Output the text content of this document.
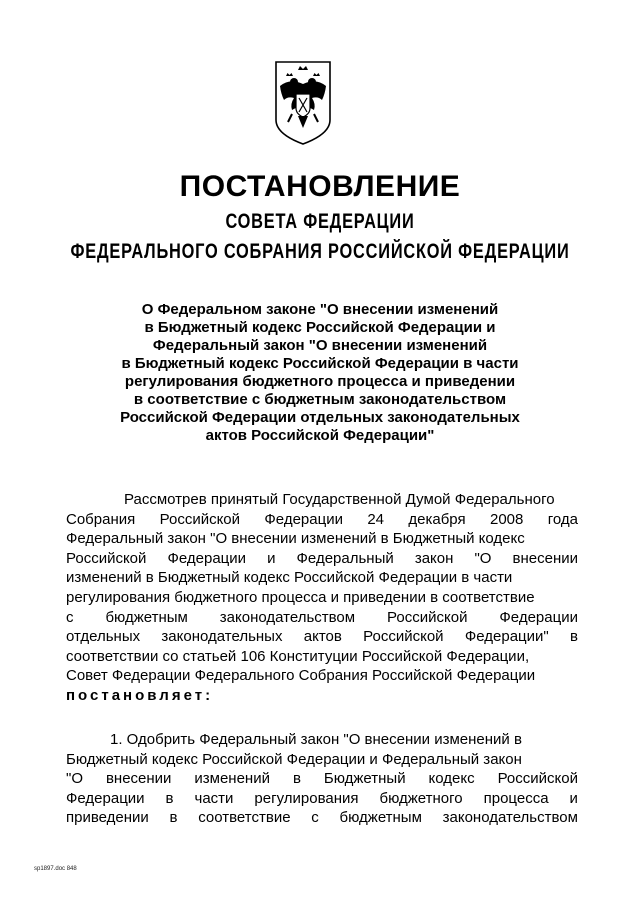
ПОСТАНОВЛЕНИЕ
СОВЕТА ФЕДЕРАЦИИ
ФЕДЕРАЛЬНОГО СОБРАНИЯ РОССИЙСКОЙ ФЕДЕРАЦИИ
О Федеральном законе "О внесении изменений
в Бюджетный кодекс Российской Федерации и
Федеральный закон "О внесении изменений
в Бюджетный кодекс Российской Федерации в части
регулирования бюджетного процесса и приведении
в соответствие с бюджетным законодательством
Российской Федерации отдельных законодательных
актов Российской Федерации"
Рассмотрев принятый Государственной Думой Федерального
Собрания Российской Федерации 24 декабря 2008 года
Федеральный закон "О внесении изменений в Бюджетный кодекс
Российской Федерации и Федеральный закон "О внесении
изменений в Бюджетный кодекс Российской Федерации в части
регулирования бюджетного процесса и приведении в соответствие
с бюджетным законодательством Российской Федерации
отдельных законодательных актов Российской Федерации" в
соответствии со статьей 106 Конституции Российской Федерации,
Совет Федерации Федерального Собрания Российской Федерации
постановляет:
1. Одобрить Федеральный закон "О внесении изменений в
Бюджетный кодекс Российской Федерации и Федеральный закон
"О внесении изменений в Бюджетный кодекс Российской
Федерации в части регулирования бюджетного процесса и
приведении в соответствие с бюджетным законодательством
sp1897.doc 848
